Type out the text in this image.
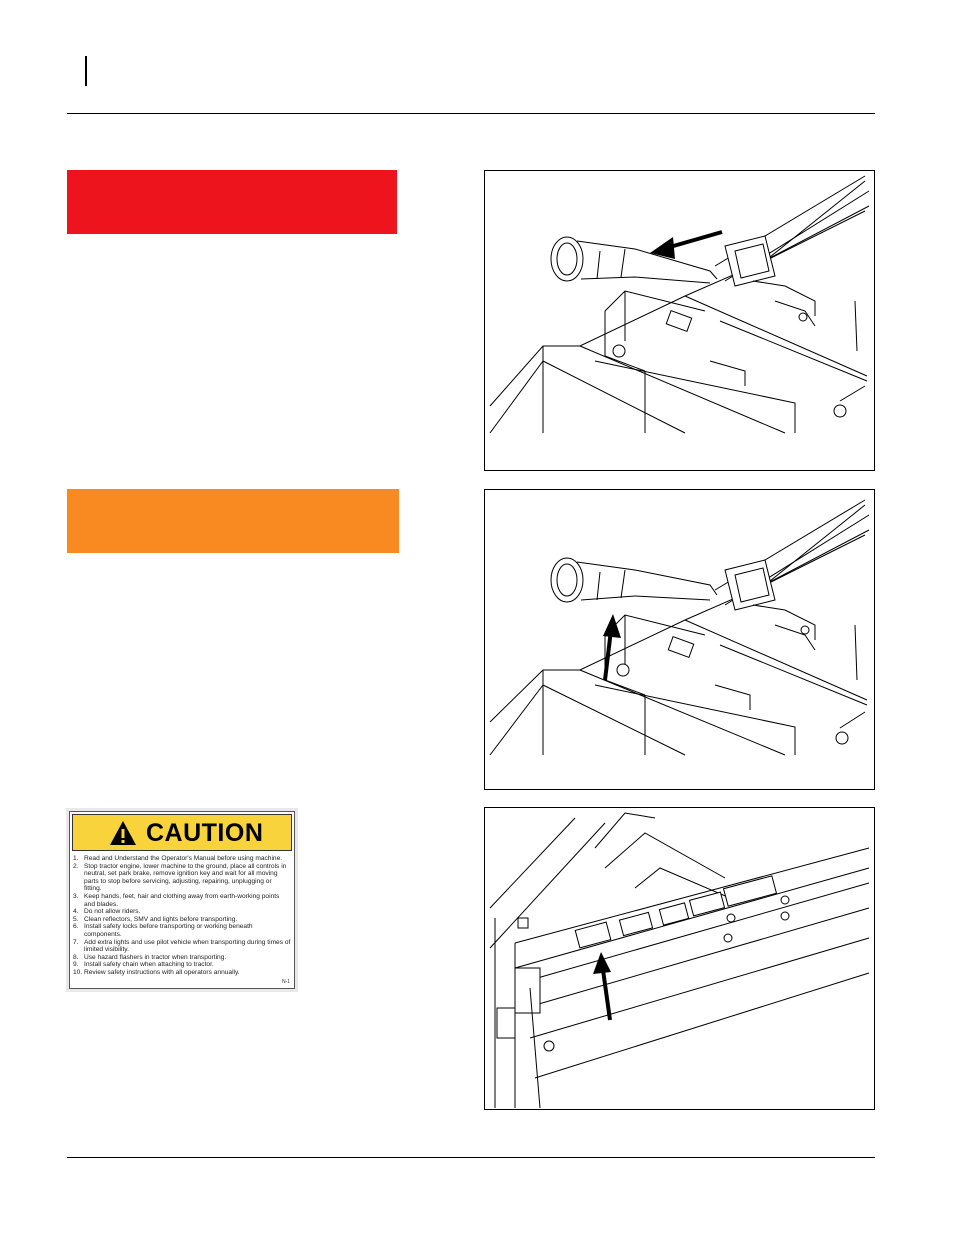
CAUTION
1. Read and Understand the Operator's Manual before using machine.
2. Stop tractor engine, lower machine to the ground, place all controls in neutral, set park brake, remove ignition key and wait for all moving parts to stop before servicing, adjusting, repairing, unplugging or fitting.
3. Keep hands, feet, hair and clothing away from earth-working points and blades.
4. Do not allow riders.
5. Clean reflectors, SMV and lights before transporting.
6. Install safety locks before transporting or working beneath components.
7. Add extra lights and use pilot vehicle when transporting during times of limited visibility.
8. Use hazard flashers in tractor when transporting.
9. Install safety chain when attaching to tractor.
10. Review safety instructions with all operators annually.
N-1
